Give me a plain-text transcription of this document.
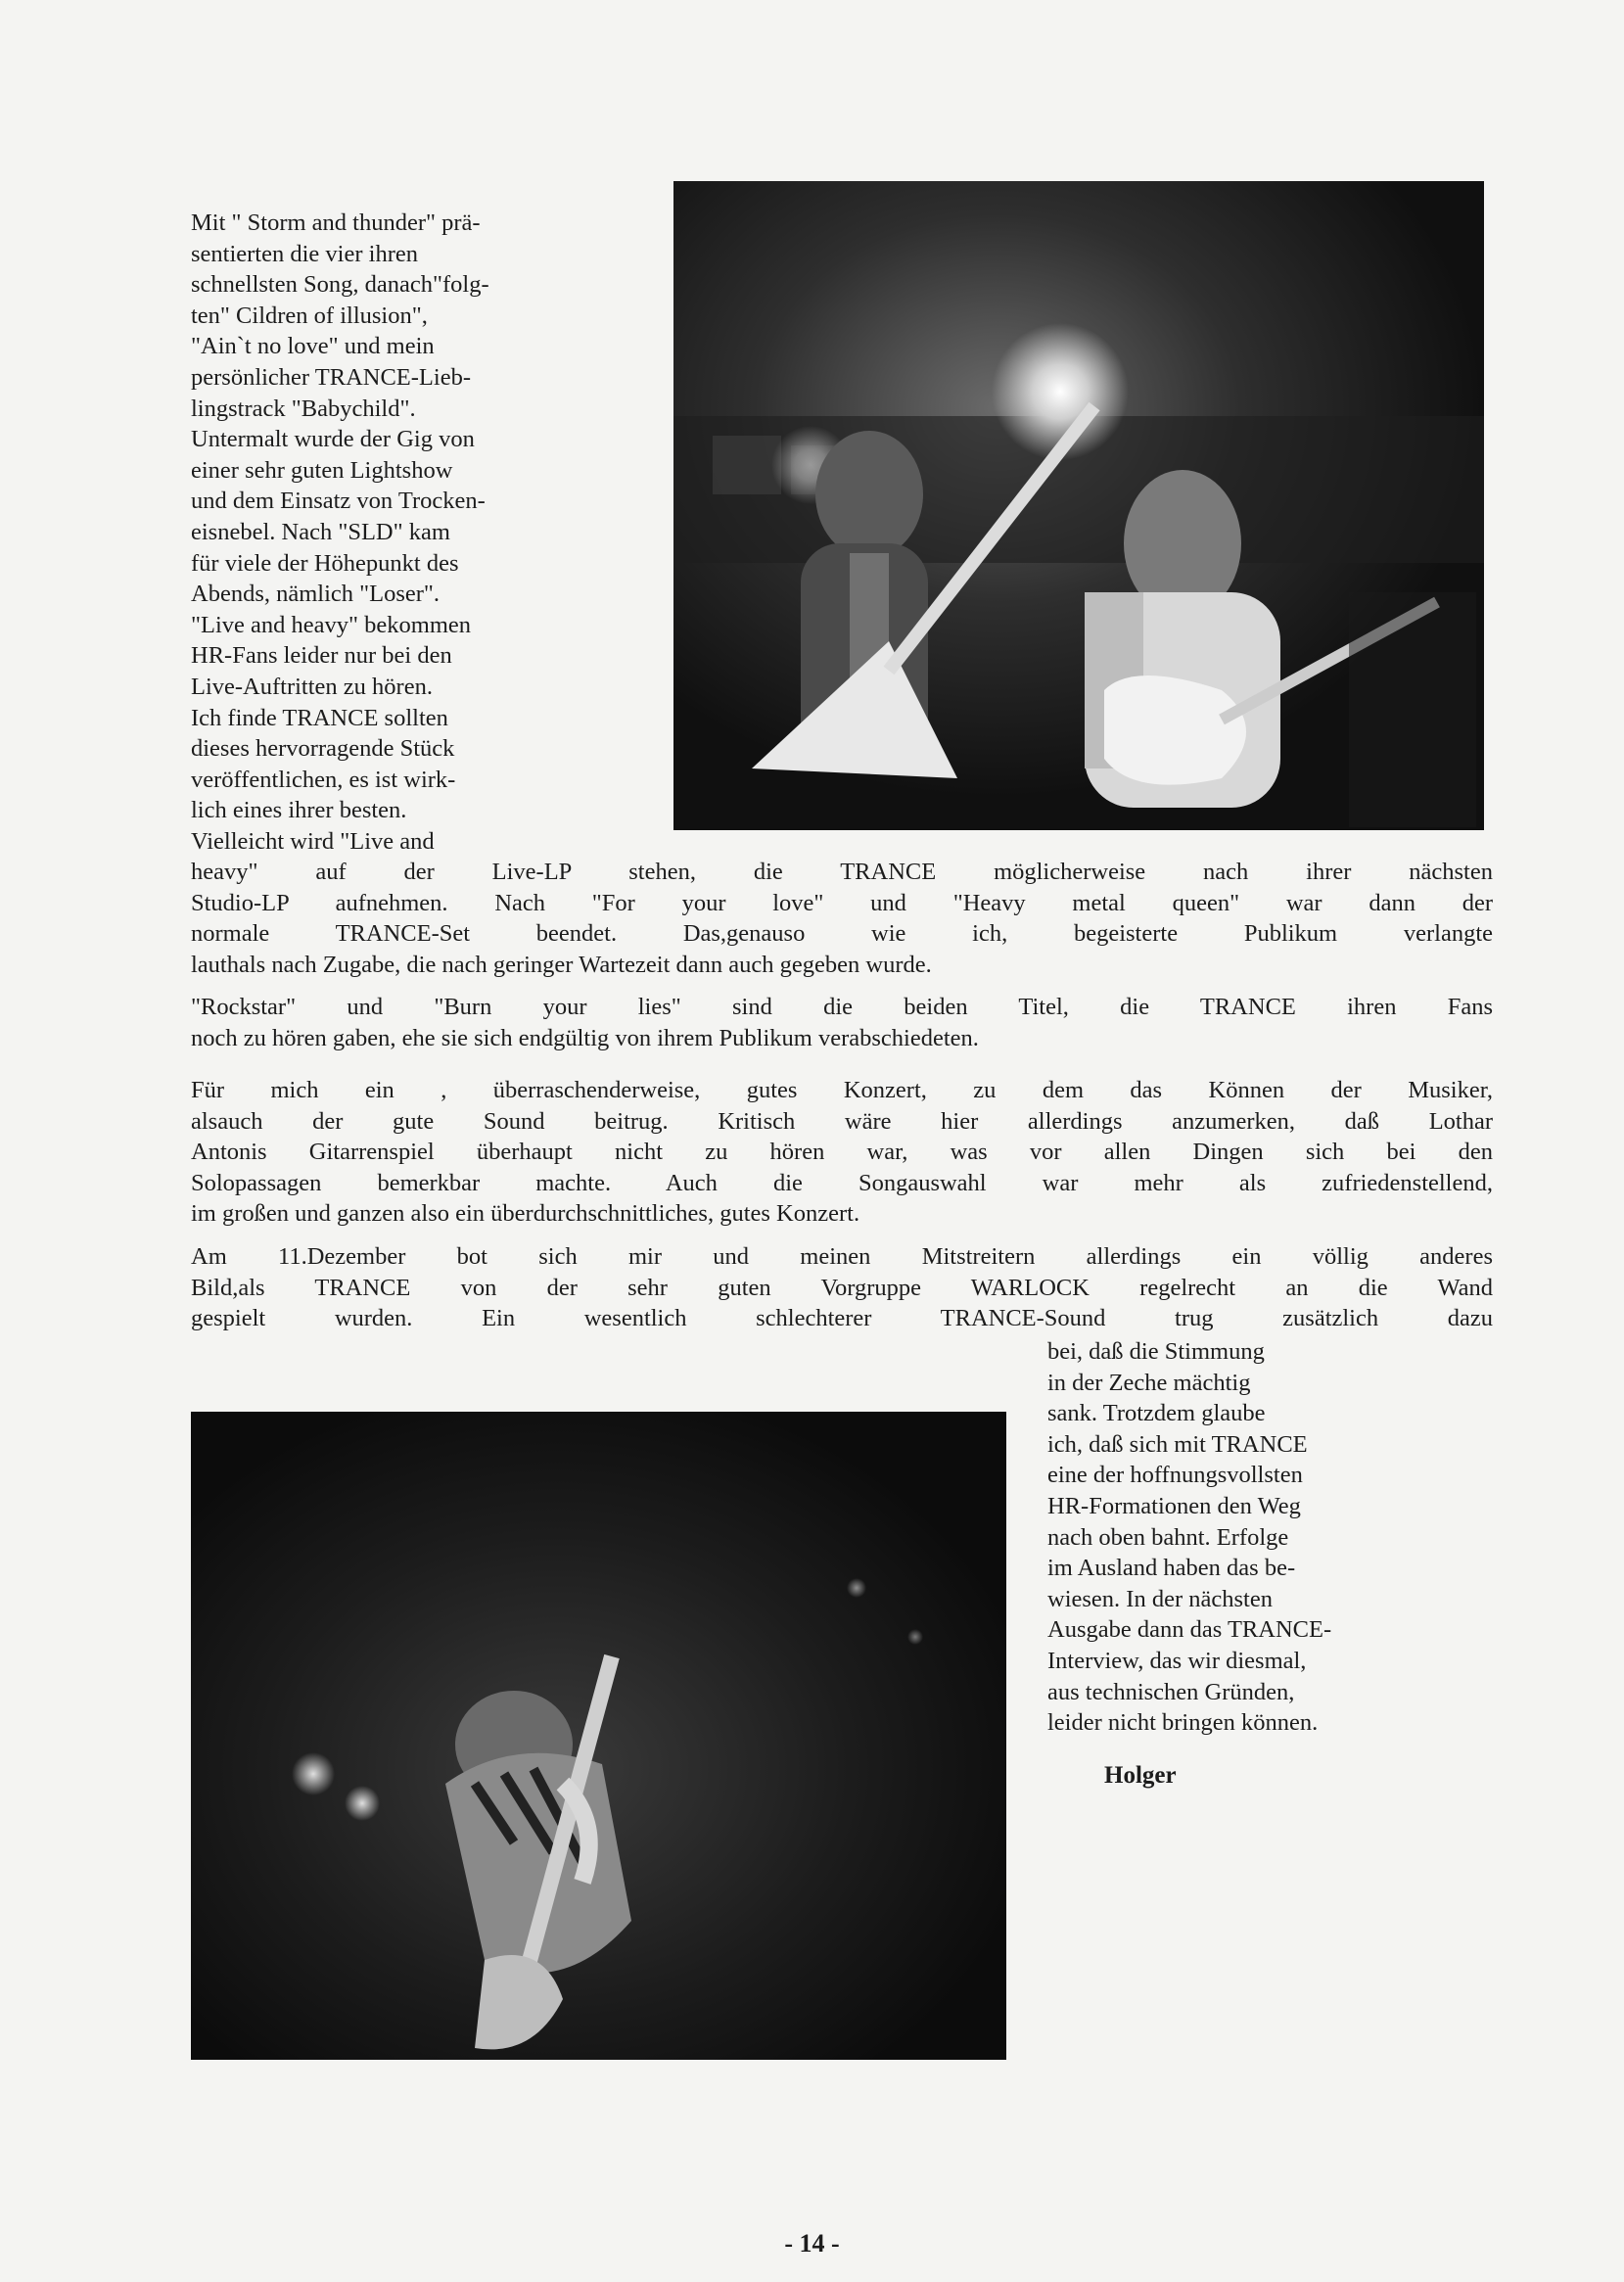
Mit " Storm and thunder" prä-
sentierten die vier ihren
schnellsten Song, danach"folg-
ten" Cildren of illusion",
"Ain`t no love" und mein
persönlicher TRANCE-Lieb-
lingstrack "Babychild".
Untermalt wurde der Gig von
einer sehr guten Lightshow
und dem Einsatz von Trocken-
eisnebel. Nach "SLD" kam
für viele der Höhepunkt des
Abends, nämlich "Loser".
"Live and heavy" bekommen
HR-Fans leider nur bei den
Live-Auftritten zu hören.
Ich finde TRANCE sollten
dieses hervorragende Stück
veröffentlichen, es ist wirk-
lich eines ihrer besten.
Vielleicht wird "Live and
heavy" auf der Live-LP stehen, die TRANCE möglicherweise nach ihrer nächsten
Studio-LP aufnehmen. Nach "For your love" und "Heavy metal queen" war dann der
normale TRANCE-Set beendet. Das,genauso wie ich, begeisterte Publikum verlangte
lauthals nach Zugabe, die nach geringer Wartezeit dann auch gegeben wurde.
"Rockstar" und "Burn your lies" sind die beiden Titel, die TRANCE ihren Fans
noch zu hören gaben, ehe sie sich endgültig von ihrem Publikum verabschiedeten.
Für mich ein , überraschenderweise, gutes Konzert, zu dem das Können der Musiker,
alsauch der gute Sound beitrug. Kritisch wäre hier allerdings anzumerken, daß Lothar
Antonis Gitarrenspiel überhaupt nicht zu hören war, was vor allen Dingen sich bei den
Solopassagen bemerkbar machte. Auch die Songauswahl war mehr als zufriedenstellend,
im großen und ganzen also ein überdurchschnittliches, gutes Konzert.
Am 11.Dezember bot sich mir und meinen Mitstreitern allerdings ein völlig anderes
Bild,als TRANCE von der sehr guten Vorgruppe WARLOCK regelrecht an die Wand
gespielt wurden. Ein wesentlich schlechterer TRANCE-Sound trug zusätzlich dazu
bei, daß die Stimmung
in der Zeche mächtig
sank. Trotzdem glaube
ich, daß sich mit TRANCE
eine der hoffnungsvollsten
HR-Formationen den Weg
nach oben bahnt. Erfolge
im Ausland haben das be-
wiesen. In der nächsten
Ausgabe dann das TRANCE-
Interview, das wir diesmal,
aus technischen Gründen,
leider nicht bringen können.
Holger
- 14 -
